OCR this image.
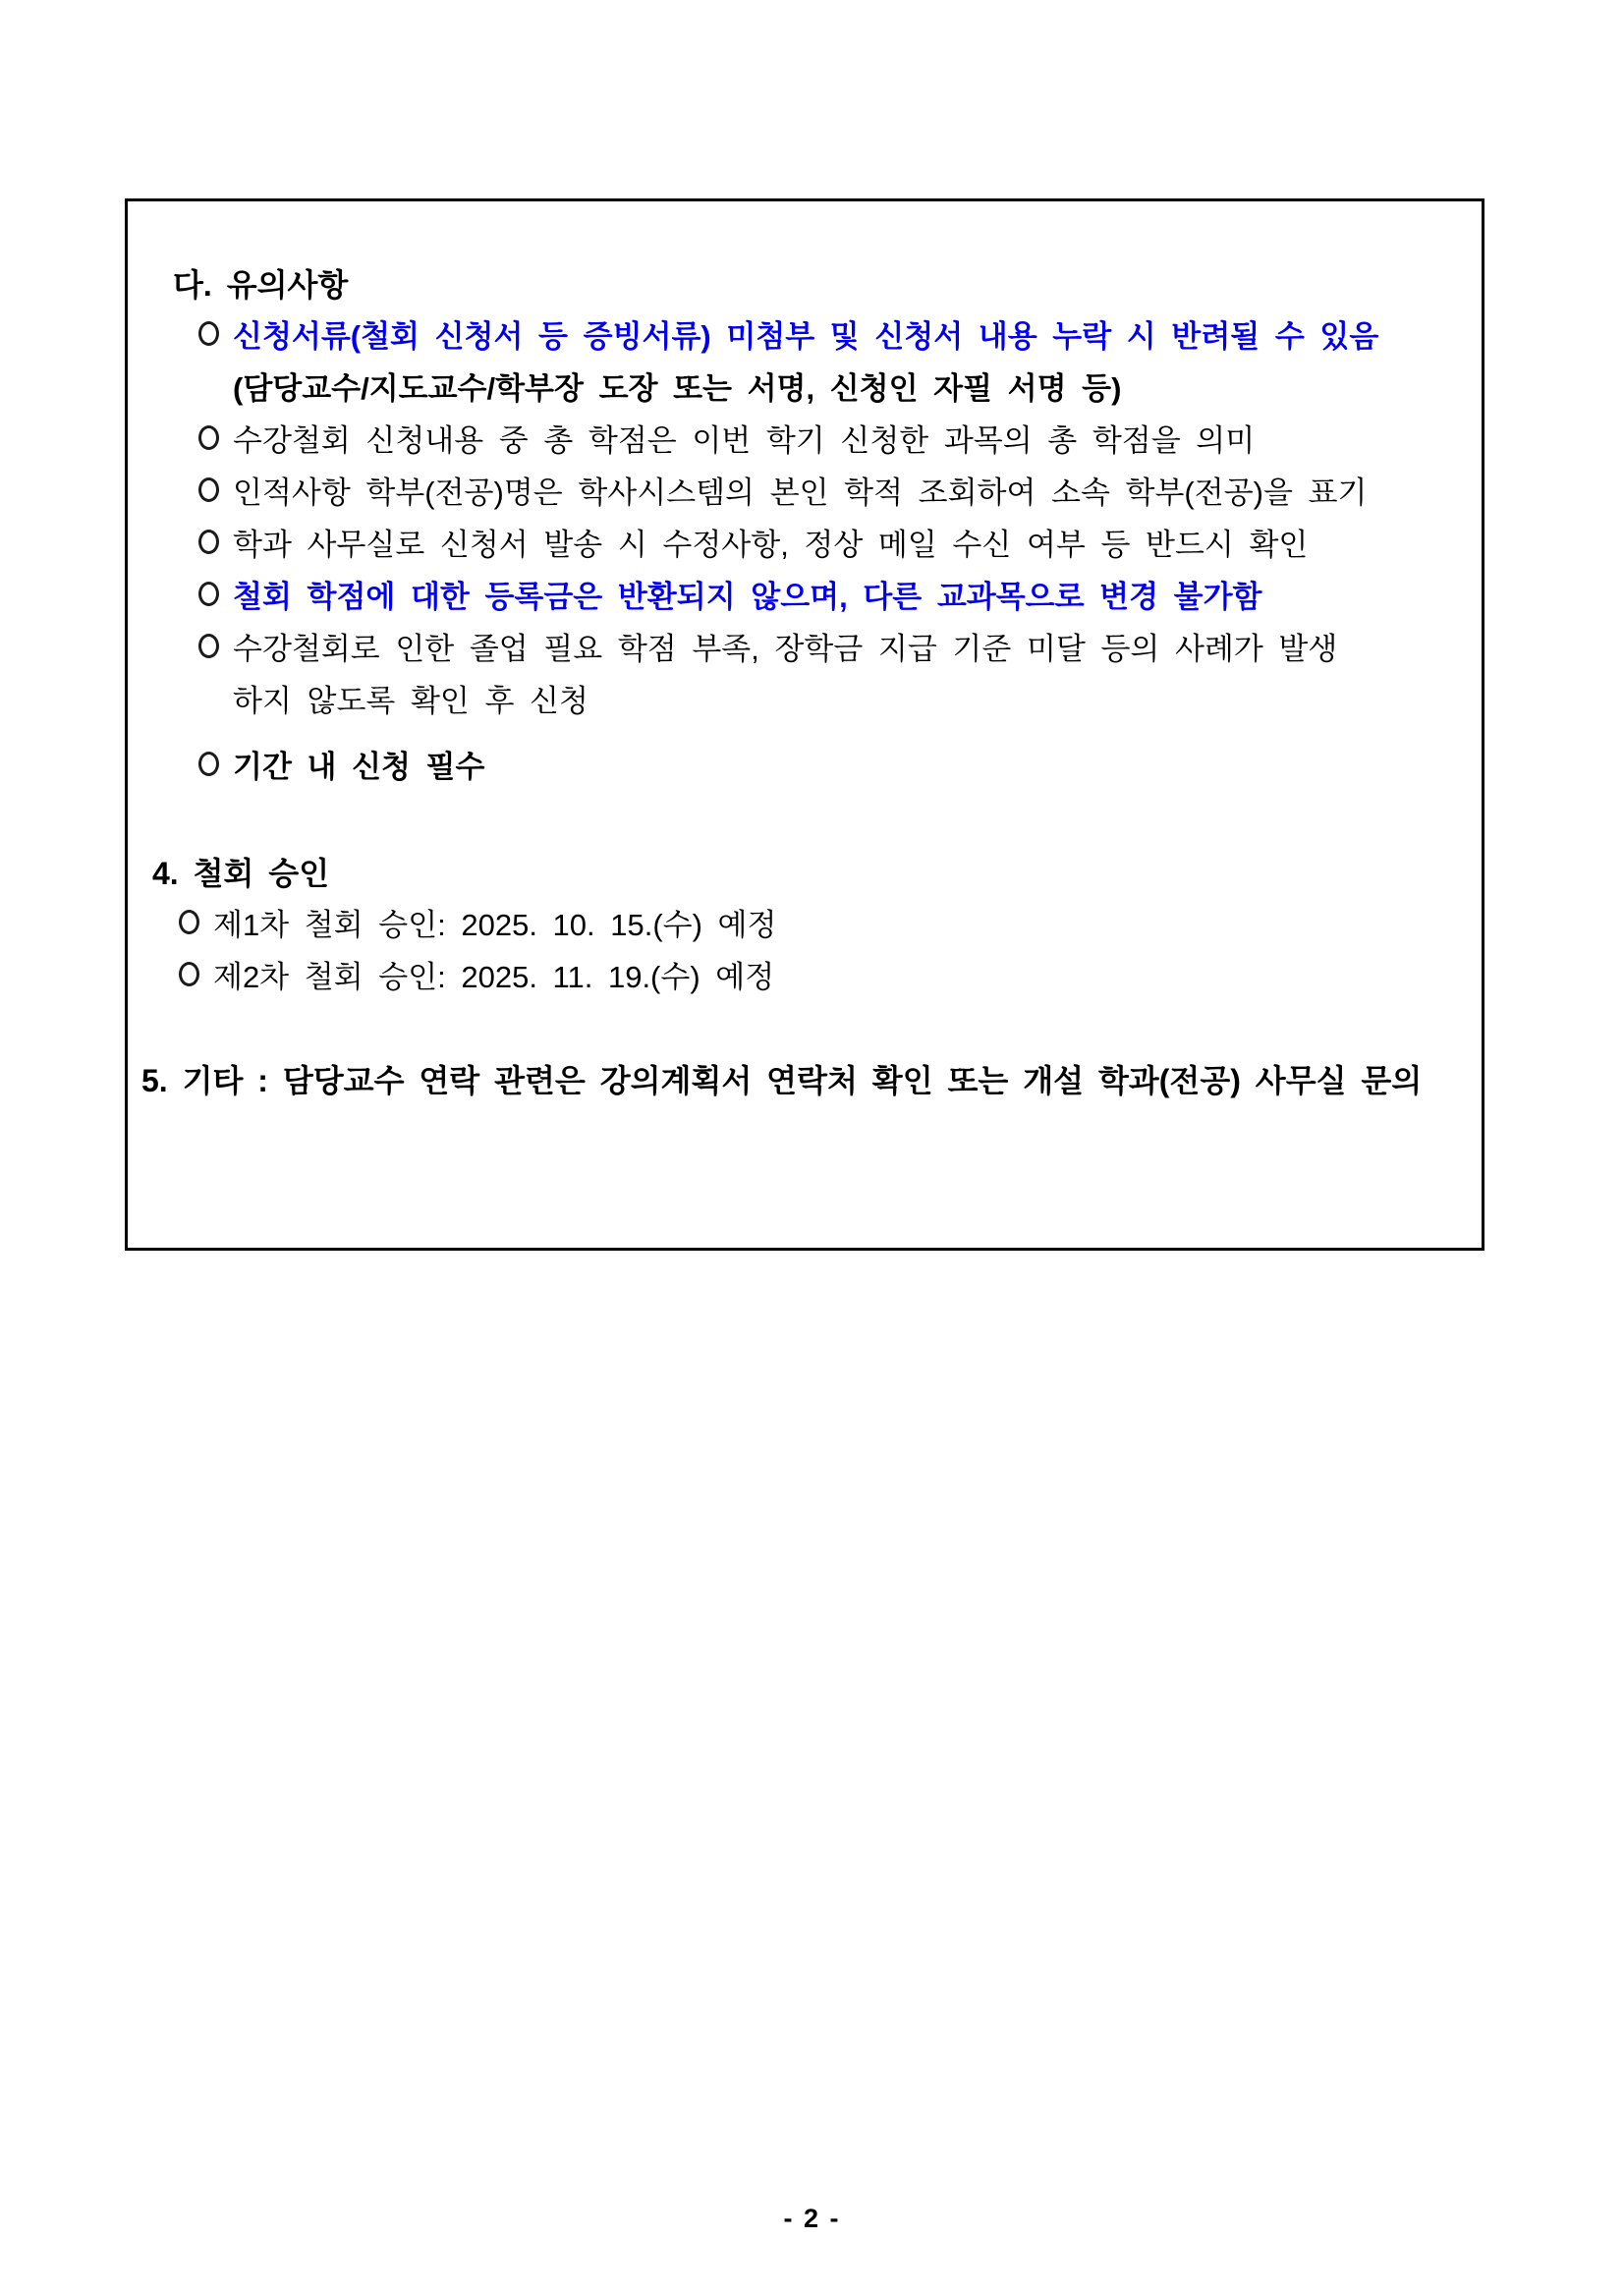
다. 유의사항
신청서류(철회 신청서 등 증빙서류) 미첨부 및 신청서 내용 누락 시 반려될 수 있음
(담당교수/지도교수/학부장 도장 또는 서명, 신청인 자필 서명 등)
수강철회 신청내용 중 총 학점은 이번 학기 신청한 과목의 총 학점을 의미
인적사항 학부(전공)명은 학사시스템의 본인 학적 조회하여 소속 학부(전공)을 표기
학과 사무실로 신청서 발송 시 수정사항, 정상 메일 수신 여부 등 반드시 확인
철회 학점에 대한 등록금은 반환되지 않으며, 다른 교과목으로 변경 불가함
수강철회로 인한 졸업 필요 학점 부족, 장학금 지급 기준 미달 등의 사례가 발생
하지 않도록 확인 후 신청
기간 내 신청 필수
4. 철회 승인
제1차 철회 승인: 2025. 10. 15.(수) 예정
제2차 철회 승인: 2025. 11. 19.(수) 예정
5. 기타 : 담당교수 연락 관련은 강의계획서 연락처 확인 또는 개설 학과(전공) 사무실 문의
- 2 -
